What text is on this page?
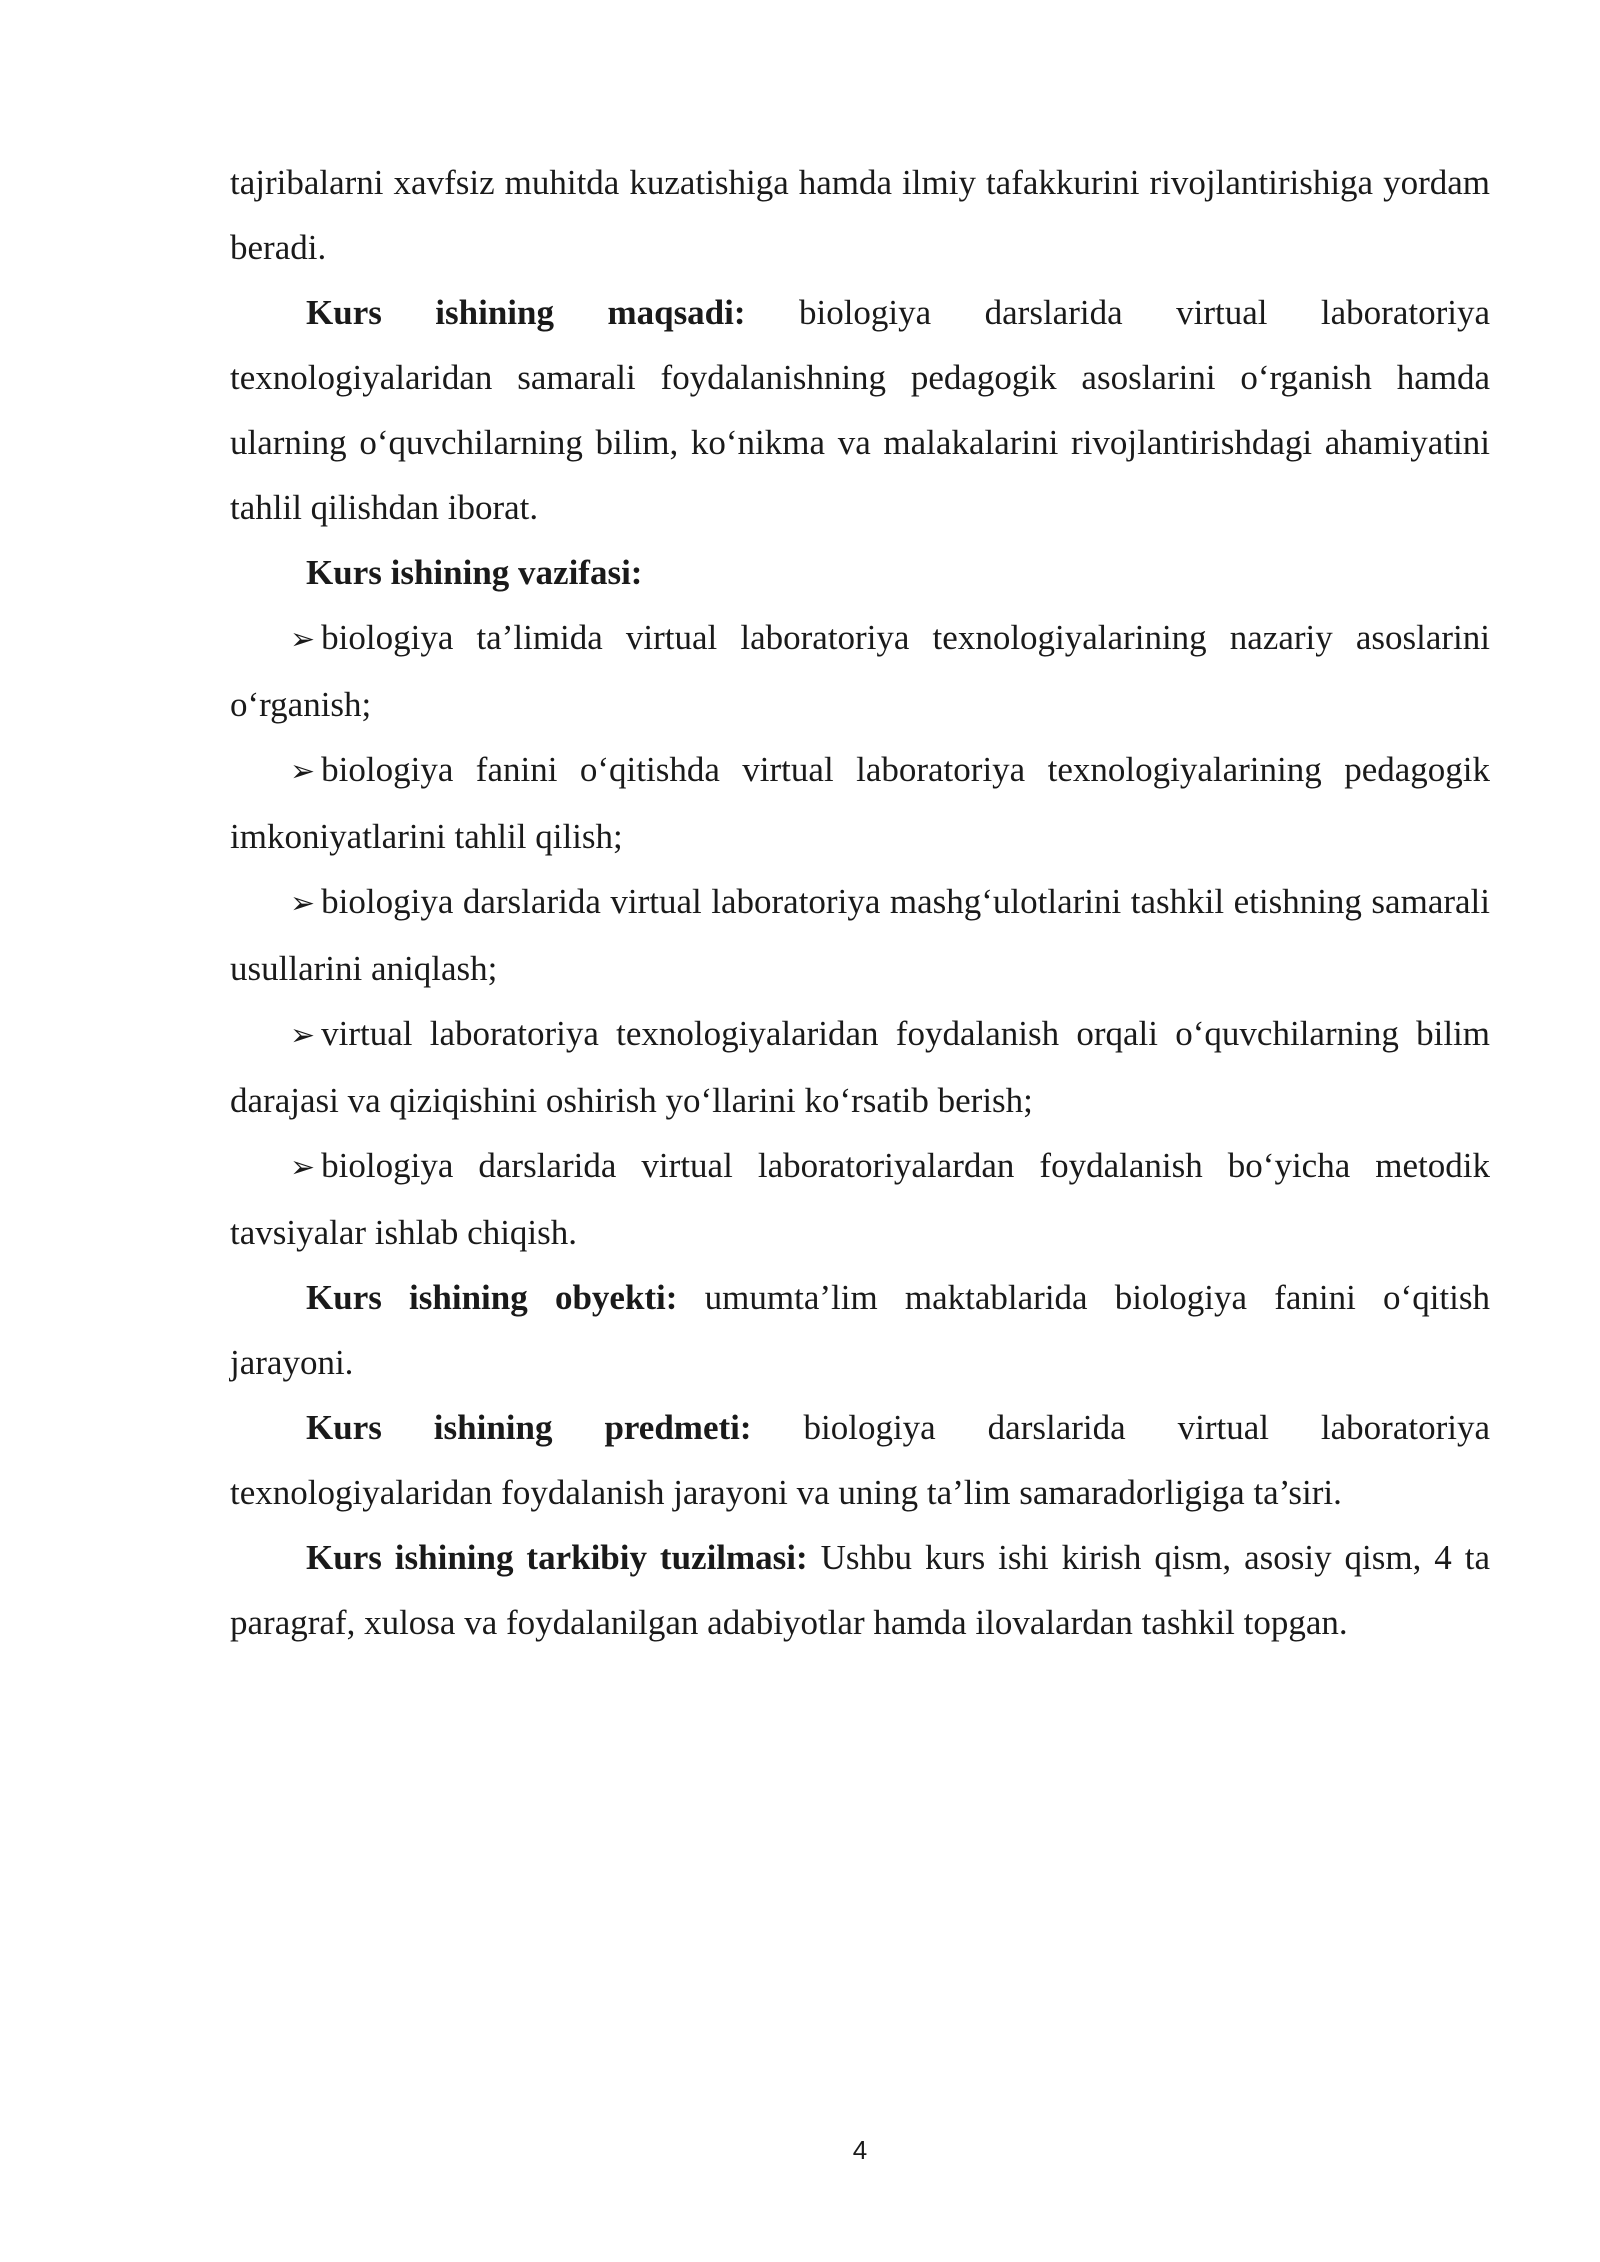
tajribalarni xavfsiz muhitda kuzatishiga hamda ilmiy tafakkurini rivojlantirishiga yordam beradi.

Kurs ishining maqsadi: biologiya darslarida virtual laboratoriya texnologiyalaridan samarali foydalanishning pedagogik asoslarini o‘rganish hamda ularning o‘quvchilarning bilim, ko‘nikma va malakalarini rivojlantirishdagi ahamiyatini tahlil qilishdan iborat.

Kurs ishining vazifasi:

➢ biologiya ta’limida virtual laboratoriya texnologiyalarining nazariy asoslarini o‘rganish;

➢ biologiya fanini o‘qitishda virtual laboratoriya texnologiyalarining pedagogik imkoniyatlarini tahlil qilish;

➢ biologiya darslarida virtual laboratoriya mashg‘ulotlarini tashkil etishning samarali usullarini aniqlash;

➢ virtual laboratoriya texnologiyalaridan foydalanish orqali o‘quvchilarning bilim darajasi va qiziqishini oshirish yo‘llarini ko‘rsatib berish;

➢ biologiya darslarida virtual laboratoriyalardan foydalanish bo‘yicha metodik tavsiyalar ishlab chiqish.

Kurs ishining obyekti: umumta’lim maktablarida biologiya fanini o‘qitish jarayoni.

Kurs ishining predmeti: biologiya darslarida virtual laboratoriya texnologiyalaridan foydalanish jarayoni va uning ta’lim samaradorligiga ta’siri.

Kurs ishining tarkibiy tuzilmasi: Ushbu kurs ishi kirish qism, asosiy qism, 4 ta paragraf, xulosa va foydalanilgan adabiyotlar hamda ilovalardan tashkil topgan.

4
